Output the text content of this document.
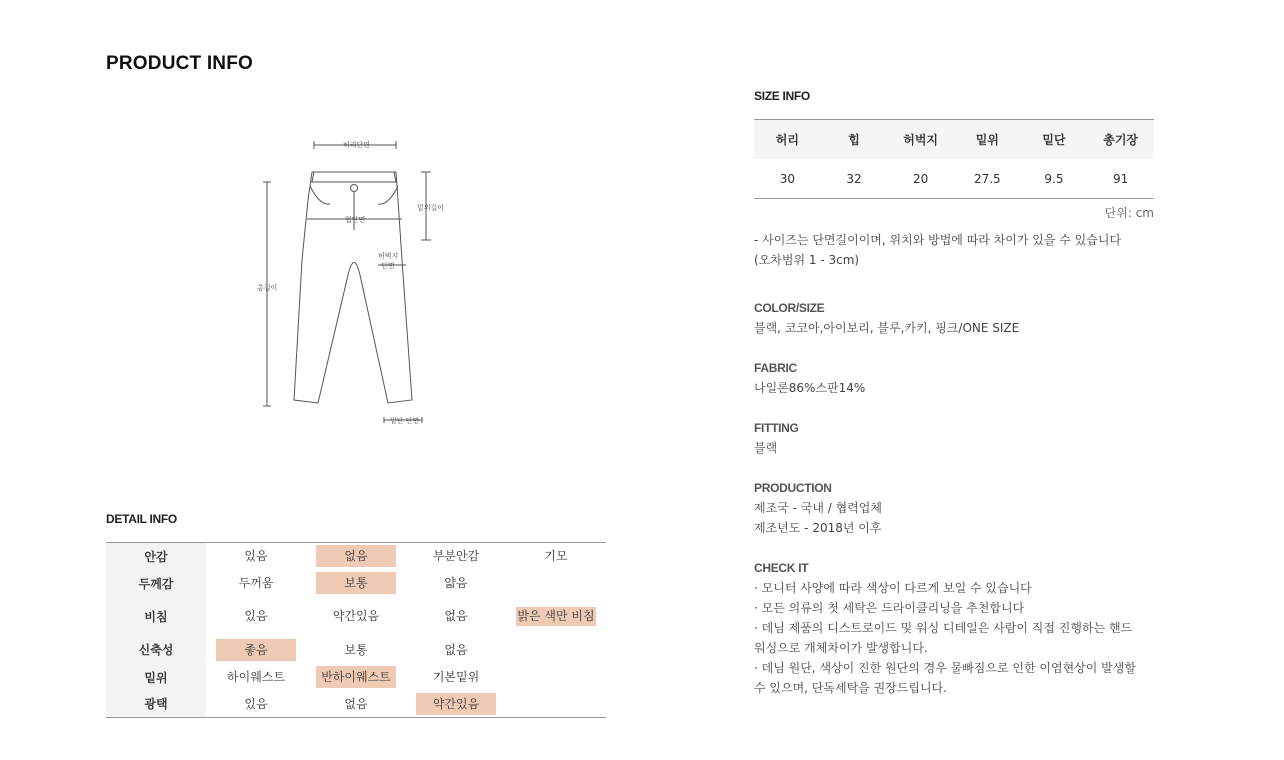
PRODUCT INFO
허리단면
힙단면
밑위길이
허벅지
단면
총길이
밑단 단면
DETAIL INFO
안감	있음	없음	부분안감	기모
두께감	두꺼움	보통	얇음	
비침	있음	약간있음	없음	밝은 색만 비침
신축성	좋음	보통	없음	
밑위	하이웨스트	반하이웨스트	기본밑위	
광택	있음	없음	약간있음	
SIZE INFO
허리	힙	허벅지	밑위	밑단	총기장
30	32	20	27.5	9.5	91
단위: cm
- 사이즈는 단면길이이며, 위치와 방법에 따라 차이가 있을 수 있습니다
(오차범위 1 - 3cm)
COLOR/SIZE
블랙, 코코아,아이보리, 블루,카키, 핑크/ONE SIZE
FABRIC
나일론86%스판14%
FITTING
블랙
PRODUCTION
제조국 - 국내 / 협력업체
제조년도 - 2018년 이후
CHECK IT
· 모니터 사양에 따라 색상이 다르게 보일 수 있습니다
· 모든 의류의 첫 세탁은 드라이클리닝을 추천합니다
· 데님 제품의 디스트로이드 및 워싱 디테일은 사람이 직접 진행하는 핸드
워싱으로 개체차이가 발생합니다.
· 데님 원단, 색상이 진한 원단의 경우 물빠짐으로 인한 이염현상이 발생할
수 있으며, 단독세탁을 권장드립니다.
